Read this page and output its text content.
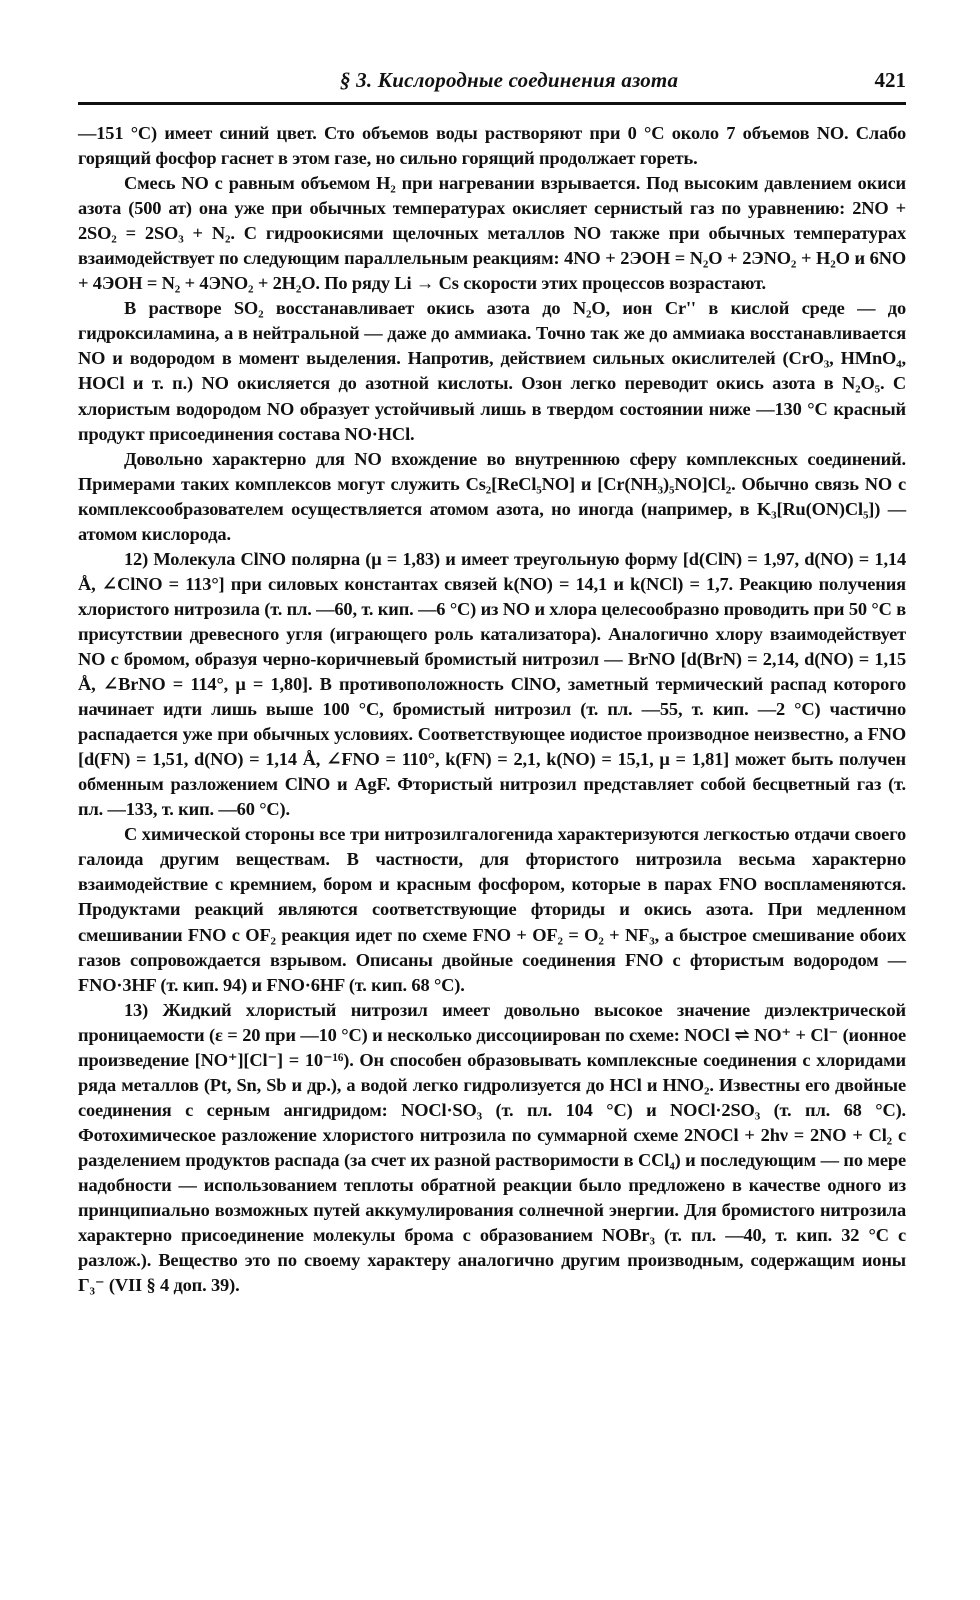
§ 3. Кислородные соединения азота	421

—151 °C) имеет синий цвет. Сто объемов воды растворяют при 0 °C около 7 объемов NO. Слабо горящий фосфор гаснет в этом газе, но сильно горящий продолжает гореть.

Смесь NO с равным объемом H₂ при нагревании взрывается. Под высоким давлением окиси азота (500 ат) она уже при обычных температурах окисляет сернистый газ по уравнению: 2NO + 2SO₂ = 2SO₃ + N₂. С гидроокисями щелочных металлов NO также при обычных температурах взаимодействует по следующим параллельным реакциям: 4NO + 2ЭOH = N₂O + 2ЭNO₂ + H₂O и 6NO + 4ЭOH = N₂ + 4ЭNO₂ + 2H₂O. По ряду Li → Cs скорости этих процессов возрастают.

В растворе SO₂ восстанавливает окись азота до N₂O, ион Cr'' в кислой среде — до гидроксиламина, а в нейтральной — даже до аммиака. Точно так же до аммиака восстанавливается NO и водородом в момент выделения. Напротив, действием сильных окислителей (CrO₃, HMnO₄, HOCl и т. п.) NO окисляется до азотной кислоты. Озон легко переводит окись азота в N₂O₅. С хлористым водородом NO образует устойчивый лишь в твердом состоянии ниже —130 °C красный продукт присоединения состава NO·HCl.

Довольно характерно для NO вхождение во внутреннюю сферу комплексных соединений. Примерами таких комплексов могут служить Cs₂[ReCl₅NO] и [Cr(NH₃)₅NO]Cl₂. Обычно связь NO с комплексообразователем осуществляется атомом азота, но иногда (например, в K₃[Ru(ON)Cl₅]) — атомом кислорода.

12) Молекула ClNO полярна (μ = 1,83) и имеет треугольную форму [d(ClN) = 1,97, d(NO) = 1,14 Å, ∠ClNO = 113°] при силовых константах связей k(NO) = 14,1 и k(NCl) = 1,7. Реакцию получения хлористого нитрозила (т. пл. —60, т. кип. —6 °C) из NO и хлора целесообразно проводить при 50 °C в присутствии древесного угля (играющего роль катализатора). Аналогично хлору взаимодействует NO с бромом, образуя черно-коричневый бромистый нитрозил — BrNO [d(BrN) = 2,14, d(NO) = 1,15 Å, ∠BrNO = 114°, μ = 1,80]. В противоположность ClNO, заметный термический распад которого начинает идти лишь выше 100 °C, бромистый нитрозил (т. пл. —55, т. кип. —2 °C) частично распадается уже при обычных условиях. Соответствующее иодистое производное неизвестно, а FNO [d(FN) = 1,51, d(NO) = 1,14 Å, ∠FNO = 110°, k(FN) = 2,1, k(NO) = 15,1, μ = 1,81] может быть получен обменным разложением ClNO и AgF. Фтористый нитрозил представляет собой бесцветный газ (т. пл. —133, т. кип. —60 °C).

С химической стороны все три нитрозилгалогенида характеризуются легкостью отдачи своего галоида другим веществам. В частности, для фтористого нитрозила весьма характерно взаимодействие с кремнием, бором и красным фосфором, которые в парах FNO воспламеняются. Продуктами реакций являются соответствующие фториды и окись азота. При медленном смешивании FNO с OF₂ реакция идет по схеме FNO + OF₂ = O₂ + NF₃, а быстрое смешивание обоих газов сопровождается взрывом. Описаны двойные соединения FNO с фтористым водородом — FNO·3HF (т. кип. 94) и FNO·6HF (т. кип. 68 °C).

13) Жидкий хлористый нитрозил имеет довольно высокое значение диэлектрической проницаемости (ε = 20 при —10 °C) и несколько диссоциирован по схеме: NOCl ⇌ NO⁺ + Cl⁻ (ионное произведение [NO⁺][Cl⁻] = 10⁻¹⁶). Он способен образовывать комплексные соединения с хлоридами ряда металлов (Pt, Sn, Sb и др.), а водой легко гидролизуется до HCl и HNO₂. Известны его двойные соединения с серным ангидридом: NOCl·SO₃ (т. пл. 104 °C) и NOCl·2SO₃ (т. пл. 68 °C). Фотохимическое разложение хлористого нитрозила по суммарной схеме 2NOCl + 2hν = 2NO + Cl₂ с разделением продуктов распада (за счет их разной растворимости в CCl₄) и последующим — по мере надобности — использованием теплоты обратной реакции было предложено в качестве одного из принципиально возможных путей аккумулирования солнечной энергии. Для бромистого нитрозила характерно присоединение молекулы брома с образованием NOBr₃ (т. пл. —40, т. кип. 32 °C с разлож.). Вещество это по своему характеру аналогично другим производным, содержащим ионы Г₃⁻ (VII § 4 доп. 39).
